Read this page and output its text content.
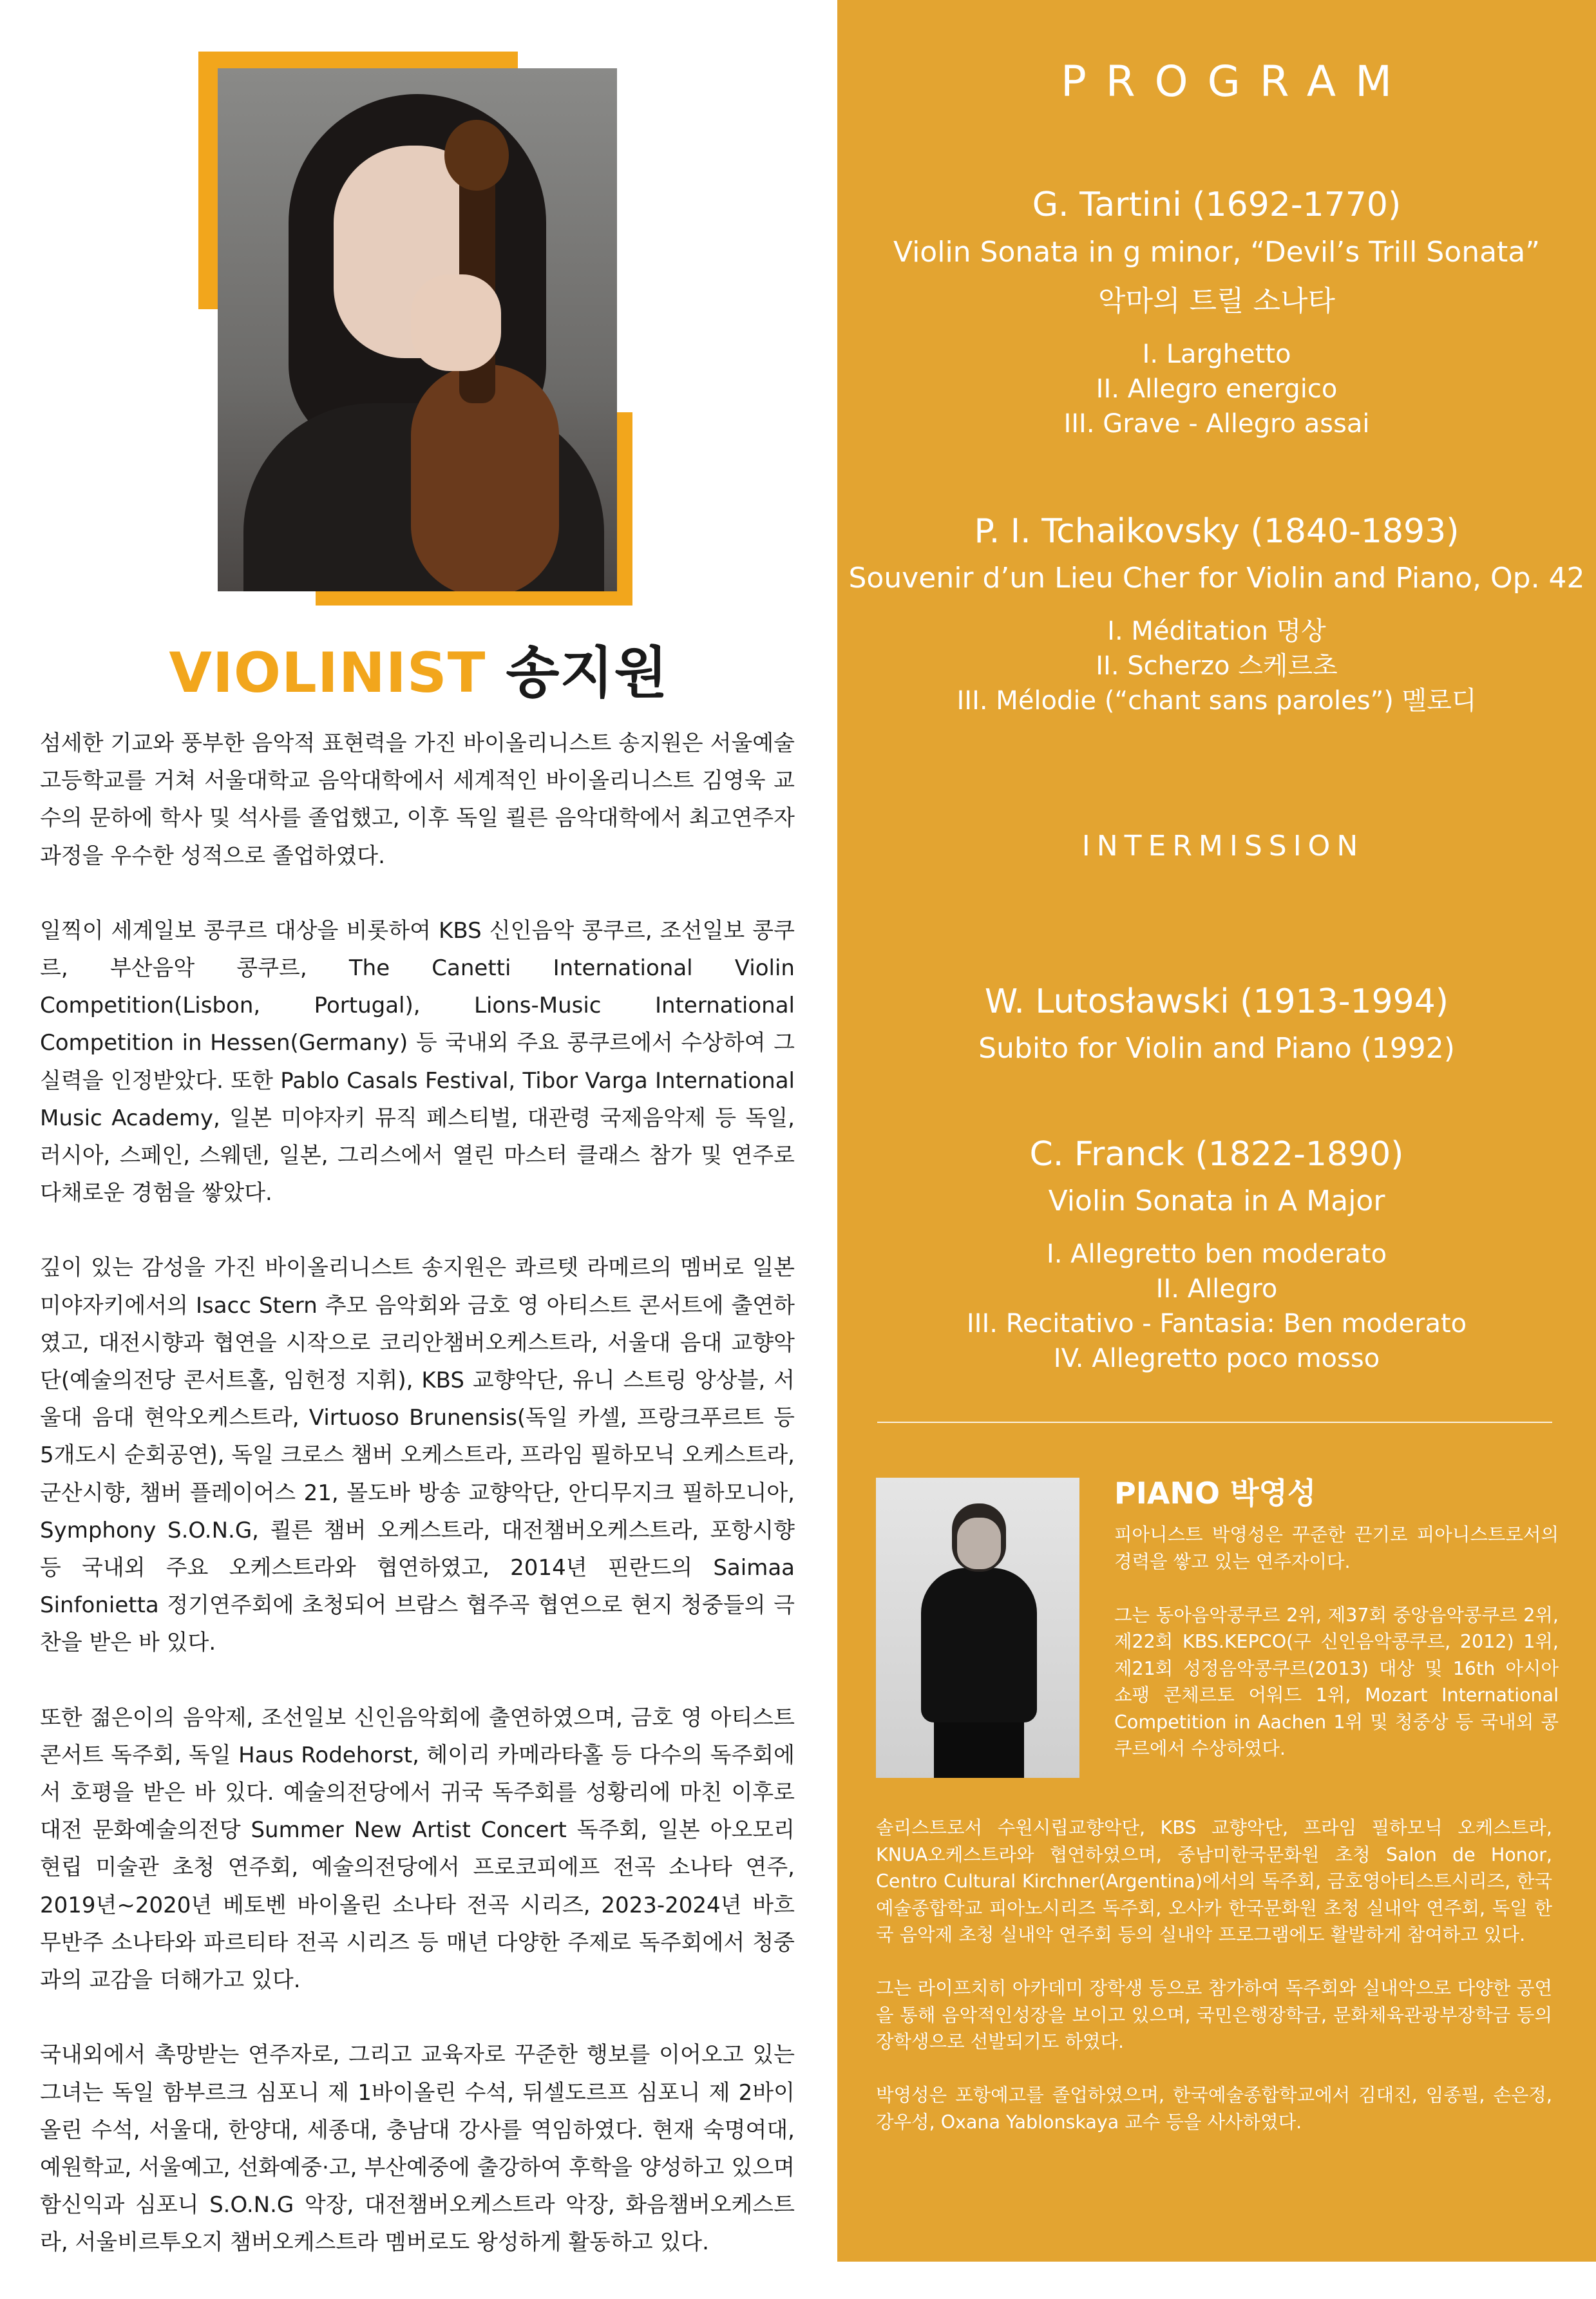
VIOLINIST 송지원

섬세한 기교와 풍부한 음악적 표현력을 가진 바이올리니스트 송지원은 서울예술고등학교를 거쳐 서울대학교 음악대학에서 세계적인 바이올리니스트 김영욱 교수의 문하에 학사 및 석사를 졸업했고, 이후 독일 쾰른 음악대학에서 최고연주자과정을 우수한 성적으로 졸업하였다.

일찍이 세계일보 콩쿠르 대상을 비롯하여 KBS 신인음악 콩쿠르, 조선일보 콩쿠르, 부산음악 콩쿠르, The Canetti International Violin Competition(Lisbon, Portugal), Lions-Music International Competition in Hessen(Germany) 등 국내외 주요 콩쿠르에서 수상하여 그 실력을 인정받았다. 또한 Pablo Casals Festival, Tibor Varga International Music Academy, 일본 미야자키 뮤직 페스티벌, 대관령 국제음악제 등 독일, 러시아, 스페인, 스웨덴, 일본, 그리스에서 열린 마스터 클래스 참가 및 연주로 다채로운 경험을 쌓았다.

깊이 있는 감성을 가진 바이올리니스트 송지원은 콰르텟 라메르의 멤버로 일본 미야자키에서의 Isacc Stern 추모 음악회와 금호 영 아티스트 콘서트에 출연하였고, 대전시향과 협연을 시작으로 코리안챔버오케스트라, 서울대 음대 교향악단(예술의전당 콘서트홀, 임헌정 지휘), KBS 교향악단, 유니 스트링 앙상블, 서울대 음대 현악오케스트라, Virtuoso Brunensis(독일 카셀, 프랑크푸르트 등 5개도시 순회공연), 독일 크로스 챔버 오케스트라, 프라임 필하모닉 오케스트라, 군산시향, 챔버 플레이어스 21, 몰도바 방송 교향악단, 안디무지크 필하모니아, Symphony S.O.N.G, 쾰른 챔버 오케스트라, 대전챔버오케스트라, 포항시향 등 국내외 주요 오케스트라와 협연하였고, 2014년 핀란드의 Saimaa Sinfonietta 정기연주회에 초청되어 브람스 협주곡 협연으로 현지 청중들의 극찬을 받은 바 있다.

또한 젊은이의 음악제, 조선일보 신인음악회에 출연하였으며, 금호 영 아티스트 콘서트 독주회, 독일 Haus Rodehorst, 헤이리 카메라타홀 등 다수의 독주회에서 호평을 받은 바 있다. 예술의전당에서 귀국 독주회를 성황리에 마친 이후로 대전 문화예술의전당 Summer New Artist Concert 독주회, 일본 아오모리 현립 미술관 초청 연주회, 예술의전당에서 프로코피에프 전곡 소나타 연주, 2019년~2020년 베토벤 바이올린 소나타 전곡 시리즈, 2023-2024년 바흐 무반주 소나타와 파르티타 전곡 시리즈 등 매년 다양한 주제로 독주회에서 청중과의 교감을 더해가고 있다.

국내외에서 촉망받는 연주자로, 그리고 교육자로 꾸준한 행보를 이어오고 있는 그녀는 독일 함부르크 심포니 제 1바이올린 수석, 뒤셀도르프 심포니 제 2바이올린 수석, 서울대, 한양대, 세종대, 충남대 강사를 역임하였다. 현재 숙명여대, 예원학교, 서울예고, 선화예중·고, 부산예중에 출강하여 후학을 양성하고 있으며 함신익과 심포니 S.O.N.G 악장, 대전챔버오케스트라 악장, 화음챔버오케스트라, 서울비르투오지 챔버오케스트라 멤버로도 왕성하게 활동하고 있다.

PROGRAM
G. Tartini (1692-1770)
Violin Sonata in g minor, “Devil’s Trill Sonata”
악마의 트릴 소나타
I. Larghetto
II. Allegro energico
III. Grave - Allegro assai
P. I. Tchaikovsky (1840-1893)
Souvenir d’un Lieu Cher for Violin and Piano, Op. 42
I. Méditation 명상
II. Scherzo 스케르초
III. Mélodie (“chant sans paroles”) 멜로디
INTERMISSION
W. Lutosławski (1913-1994)
Subito for Violin and Piano (1992)
C. Franck (1822-1890)
Violin Sonata in A Major
I. Allegretto ben moderato
II. Allegro
III. Recitativo - Fantasia: Ben moderato
IV. Allegretto poco mosso
PIANO 박영성

피아니스트 박영성은 꾸준한 끈기로 피아니스트로서의 경력을 쌓고 있는 연주자이다.

그는 동아음악콩쿠르 2위, 제37회 중앙음악콩쿠르 2위, 제22회 KBS.KEPCO(구 신인음악콩쿠르, 2012) 1위, 제21회 성정음악콩쿠르(2013) 대상 및 16th 아시아 쇼팽 콘체르토 어워드 1위, Mozart International Competition in Aachen 1위 및 청중상 등 국내외 콩쿠르에서 수상하였다.

솔리스트로서 수원시립교향악단, KBS 교향악단, 프라임 필하모닉 오케스트라, KNUA오케스트라와 협연하였으며, 중남미한국문화원 초청 Salon de Honor, Centro Cultural Kirchner(Argentina)에서의 독주회, 금호영아티스트시리즈, 한국예술종합학교 피아노시리즈 독주회, 오사카 한국문화원 초청 실내악 연주회, 독일 한국 음악제 초청 실내악 연주회 등의 실내악 프로그램에도 활발하게 참여하고 있다.

그는 라이프치히 아카데미 장학생 등으로 참가하여 독주회와 실내악으로 다양한 공연을 통해 음악적인성장을 보이고 있으며, 국민은행장학금, 문화체육관광부장학금 등의 장학생으로 선발되기도 하였다.

박영성은 포항예고를 졸업하였으며, 한국예술종합학교에서 김대진, 임종필, 손은정, 강우성, Oxana Yablonskaya 교수 등을 사사하였다.
